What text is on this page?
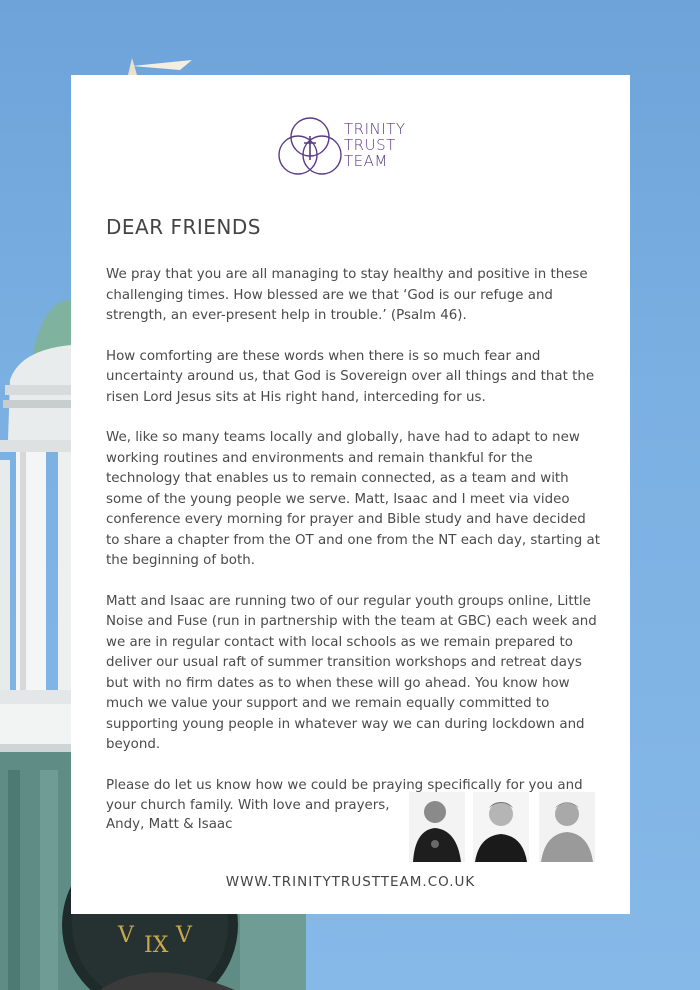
V IX V
TRINITY
TRUST
TEAM
DEAR FRIENDS

We pray that you are all managing to stay healthy and positive in these challenging times. How blessed are we that ‘God is our refuge and strength, an ever-present help in trouble.’ (Psalm 46).

How comforting are these words when there is so much fear and uncertainty around us, that God is Sovereign over all things and that the risen Lord Jesus sits at His right hand, interceding for us.

We, like so many teams locally and globally, have had to adapt to new working routines and environments and remain thankful for the technology that enables us to remain connected, as a team and with some of the young people we serve. Matt, Isaac and I meet via video conference every morning for prayer and Bible study and have decided to share a chapter from the OT and one from the NT each day, starting at the beginning of both.

Matt and Isaac are running two of our regular youth groups online, Little Noise and Fuse (run in partnership with the team at GBC) each week and we are in regular contact with local schools as we remain prepared to deliver our usual raft of summer transition workshops and retreat days but with no firm dates as to when these will go ahead. You know how much we value your support and we remain equally committed to supporting young people in whatever way we can during lockdown and beyond.

Please do let us know how we could be praying specifically for you and your church family. With love and prayers,

Andy, Matt & Isaac
WWW.TRINITYTRUSTTEAM.CO.UK
